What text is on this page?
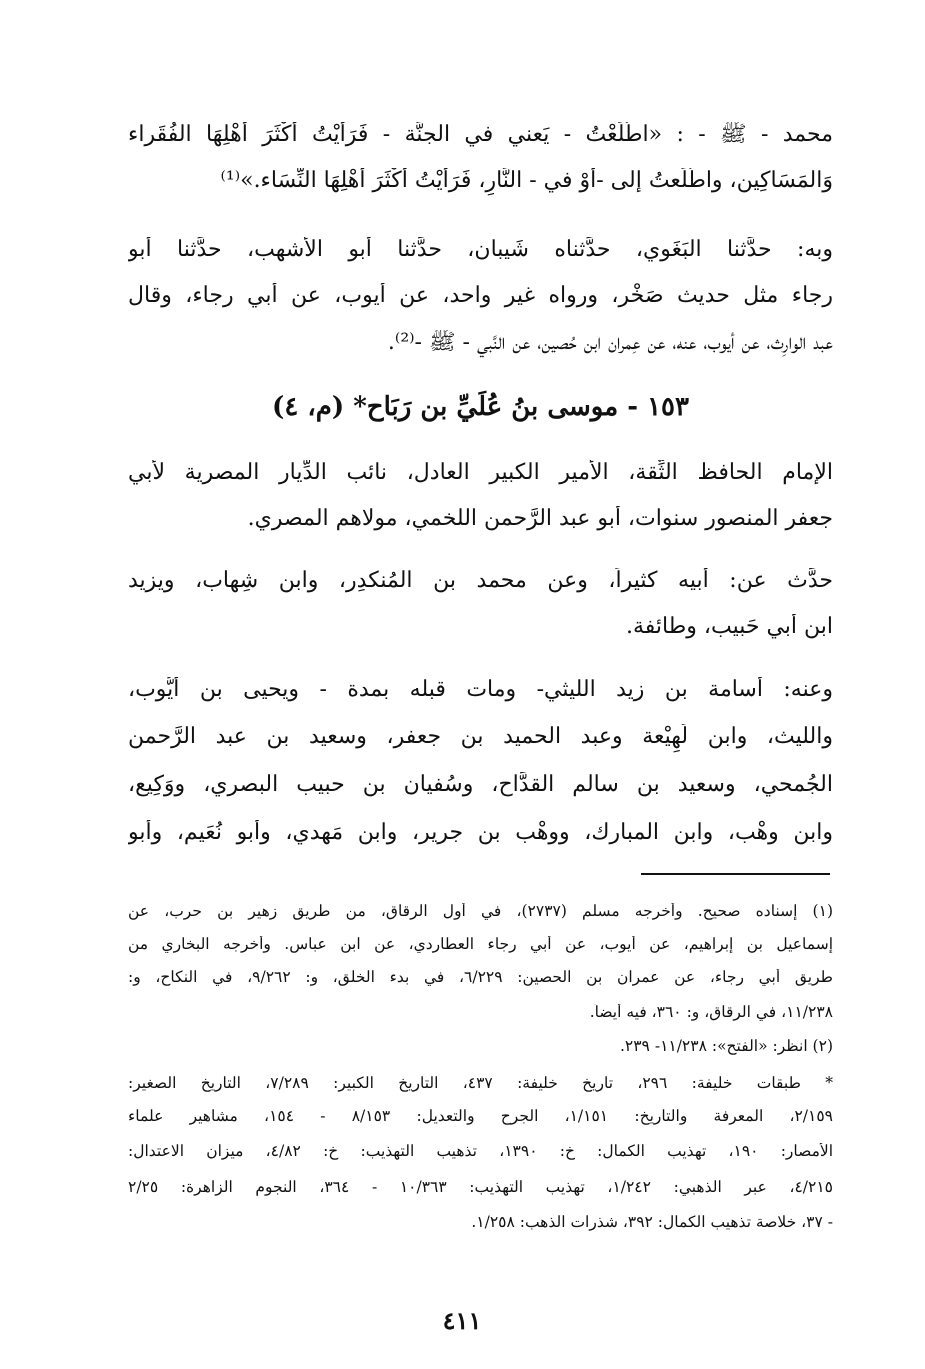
محمد - ﷺ - : «اطَّلَعْتُ - يَعني في الجنَّة - فَرَأَيْتُ أَكْثَرَ أَهْلِهَا الفُقَراء
وَالمَسَاكِين، واطَّلَعتُ إلى -أوْ في - النَّارِ، فَرَأَيْتُ أَكْثَرَ أَهْلِهَا النِّسَاء.»⁽¹⁾
وبه: حدَّثنا البَغَوي، حدَّثناه شَيبان، حدَّثنا أبو الأشهب، حدَّثنا أبو
رجاء مثل حديث صَخْر، ورواه غير واحد، عن أيوب، عن أبي رجاء، وقال
عبد الوارِث، عن أيوب، عنه، عن عِمران ابن حُصين، عن النَّبي - ﷺ -⁽²⁾.
١٥٣ - موسى بنُ عُلَيِّ بن رَبَاح* (م، ٤)
الإمام الحافظ الثِّقة، الأمير الكبير العادل، نائب الدِّيار المصرية لأبي
جعفر المنصور سنوات، أبو عبد الرَّحمن اللخمي، مولاهم المصري.
حدَّث عن: أبيه كثيراً، وعن محمد بن المُنكدِر، وابن شِهاب، ويزيد
ابن أبي حَبيب، وطائفة.
وعنه: أسامة بن زيد الليثي- ومات قبله بمدة - ويحيى بن أيُّوب،
والليث، وابن لَهِيْعة وعبد الحميد بن جعفر، وسعيد بن عبد الرَّحمن
الجُمحي، وسعيد بن سالم القدَّاح، وسُفيان بن حبيب البصري، ووَكِيع،
وابن وهْب، وابن المبارك، ووهْب بن جرير، وابن مَهدي، وأبو نُعَيم، وأبو
(١) إسناده صحيح. وأخرجه مسلم (٢٧٣٧)، في أول الرقاق، من طريق زهير بن حرب، عن
إسماعيل بن إبراهيم، عن أيوب، عن أبي رجاء العطاردي، عن ابن عباس. وأخرجه البخاري من
طريق أبي رجاء، عن عمران بن الحصين: ٦/٢٢٩، في بدء الخلق، و: ٩/٢٦٢، في النكاح، و:
١١/٢٣٨، في الرقاق، و: ٣٦٠، فيه أيضاً.
(٢) انظر: «الفتح»: ١١/٢٣٨- ٢٣٩.
* طبقات خليفة: ٢٩٦، تاريخ خليفة: ٤٣٧، التاريخ الكبير: ٧/٢٨٩، التاريخ الصغير:
٢/١٥٩، المعرفة والتاريخ: ١/١٥١، الجرح والتعديل: ٨/١٥٣ - ١٥٤، مشاهير علماء
الأمصار: ١٩٠، تهذيب الكمال: خ: ١٣٩٠، تذهيب التهذيب: خ: ٤/٨٢، ميزان الاعتدال:
٤/٢١٥، عبر الذهبي: ١/٢٤٢، تهذيب التهذيب: ١٠/٣٦٣ - ٣٦٤، النجوم الزاهرة: ٢/٢٥
- ٣٧، خلاصة تذهيب الكمال: ٣٩٢، شذرات الذهب: ١/٢٥٨.
٤١١
